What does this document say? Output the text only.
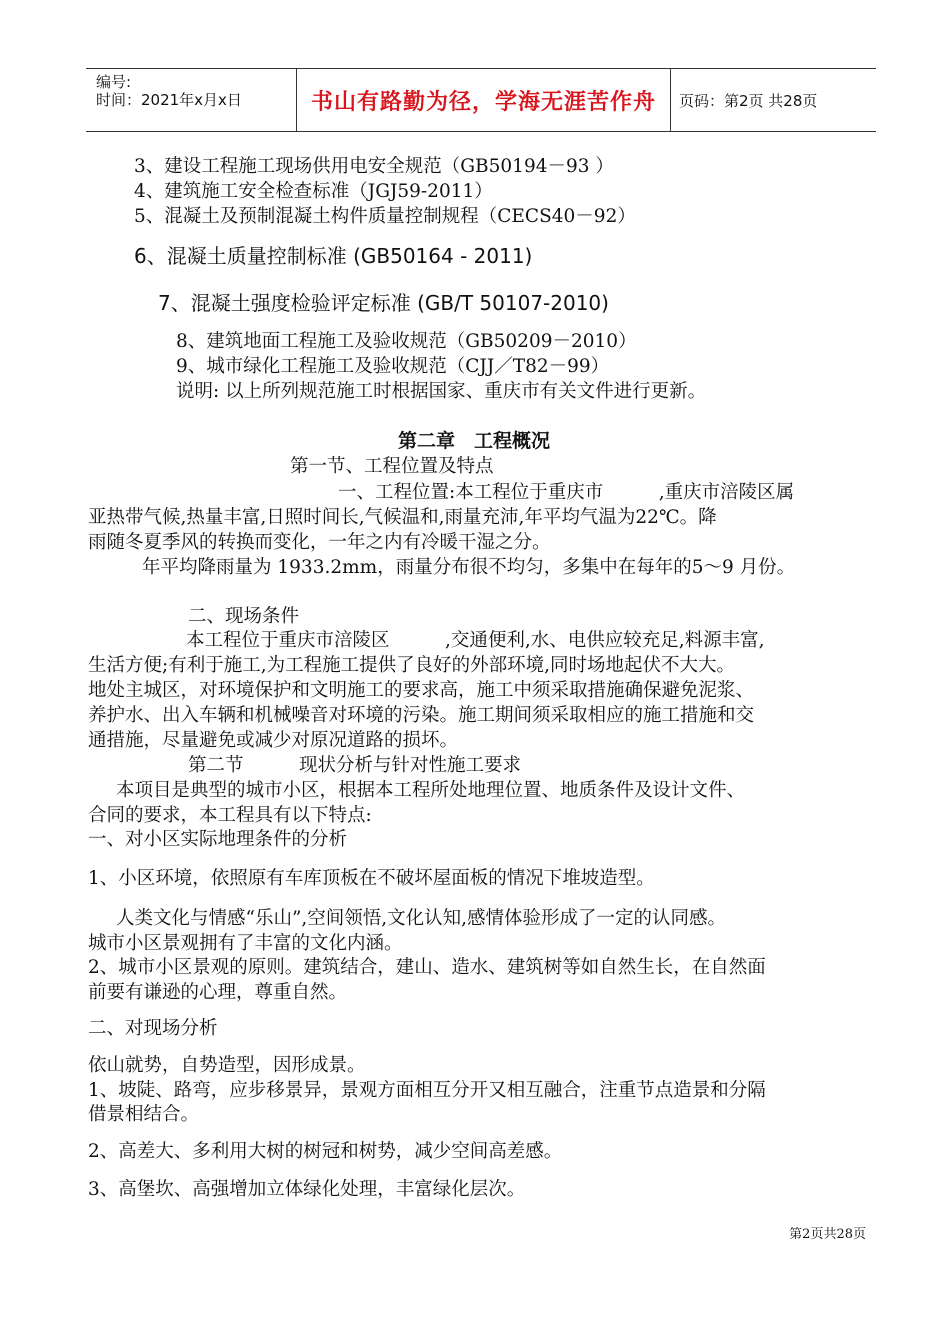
编号:
时间：2021年x月x日	书山有路勤为径，学海无涯苦作舟	页码：第2页 共28页
3、建设工程施工现场供用电安全规范（GB50194－93 ）
4、建筑施工安全检查标准（JGJ59-2011）
5、混凝土及预制混凝土构件质量控制规程（CECS40－92）
6、混凝土质量控制标准 (GB50164 - 2011)
7、混凝土强度检验评定标准 (GB/T 50107-2010)
8、建筑地面工程施工及验收规范（GB50209－2010）
9、城市绿化工程施工及验收规范（CJJ／T82－99）
说明: 以上所列规范施工时根据国家、重庆市有关文件进行更新。
第二章　工程概况
第一节、工程位置及特点
一、工程位置:本工程位于重庆市　　　,重庆市涪陵区属
亚热带气候,热量丰富,日照时间长,气候温和,雨量充沛,年平均气温为22℃。降
雨随冬夏季风的转换而变化，一年之内有冷暖干湿之分。
年平均降雨量为 1933.2mm，雨量分布很不均匀，多集中在每年的5～9 月份。
二、现场条件
本工程位于重庆市涪陵区　　　,交通便利,水、电供应较充足,料源丰富,
生活方便;有利于施工,为工程施工提供了良好的外部环境,同时场地起伏不大大。
地处主城区，对环境保护和文明施工的要求高，施工中须采取措施确保避免泥浆、
养护水、出入车辆和机械噪音对环境的污染。施工期间须采取相应的施工措施和交
通措施，尽量避免或减少对原况道路的损坏。
第二节　　　现状分析与针对性施工要求
本项目是典型的城市小区，根据本工程所处地理位置、地质条件及设计文件、
合同的要求，本工程具有以下特点:
一、对小区实际地理条件的分析
1、小区环境，依照原有车库顶板在不破坏屋面板的情况下堆坡造型。
人类文化与情感“乐山”,空间领悟,文化认知,感情体验形成了一定的认同感。
城市小区景观拥有了丰富的文化内涵。
2、城市小区景观的原则。建筑结合，建山、造水、建筑树等如自然生长，在自然面
前要有谦逊的心理，尊重自然。
二、对现场分析
依山就势，自势造型，因形成景。
1、坡陡、路弯，应步移景异，景观方面相互分开又相互融合，注重节点造景和分隔
借景相结合。
2、高差大、多利用大树的树冠和树势，减少空间高差感。
3、高堡坎、高强增加立体绿化处理，丰富绿化层次。
第2页共28页
